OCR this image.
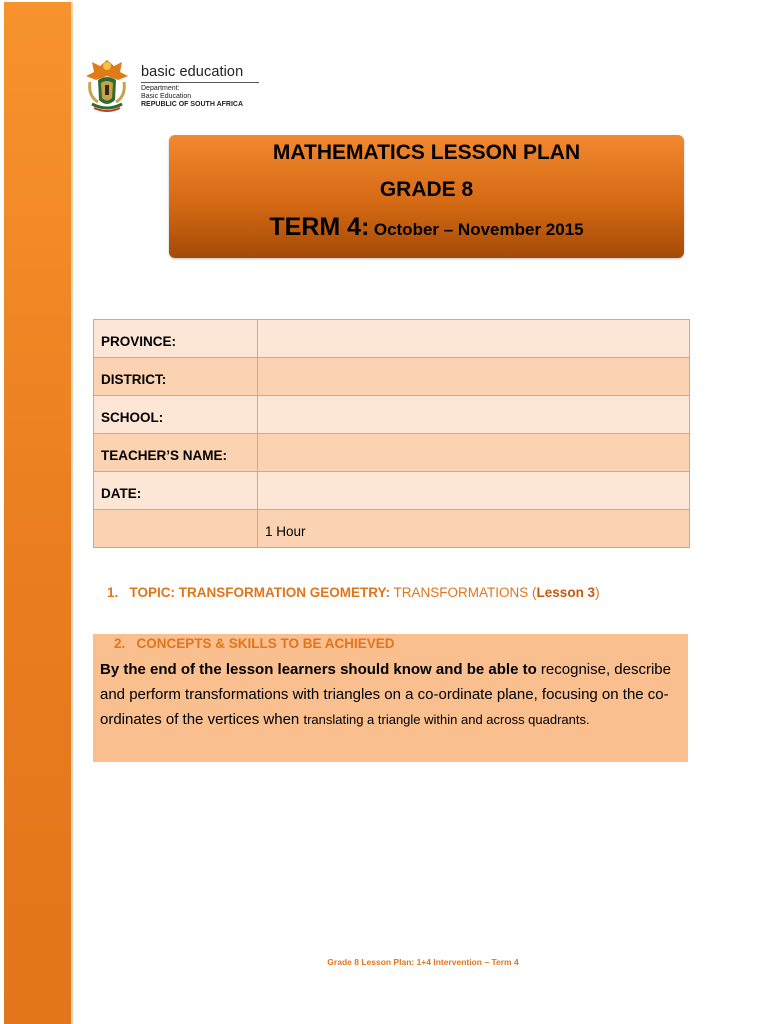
basic education
Department:
Basic Education
REPUBLIC OF SOUTH AFRICA
MATHEMATICS LESSON PLAN
GRADE 8
TERM 4: October – November 2015
PROVINCE:	
DISTRICT:	
SCHOOL:	
TEACHER’S NAME:	
DATE:	
	1 Hour
1. TOPIC: TRANSFORMATION GEOMETRY: TRANSFORMATIONS (Lesson 3)
2.   CONCEPTS & SKILLS TO BE ACHIEVED
By the end of the lesson learners should know and be able to recognise, describe and perform transformations with triangles on a co-ordinate plane, focusing on the co-ordinates of the vertices when translating a triangle within and across quadrants.
Grade 8 Lesson Plan: 1+4 Intervention – Term 4
